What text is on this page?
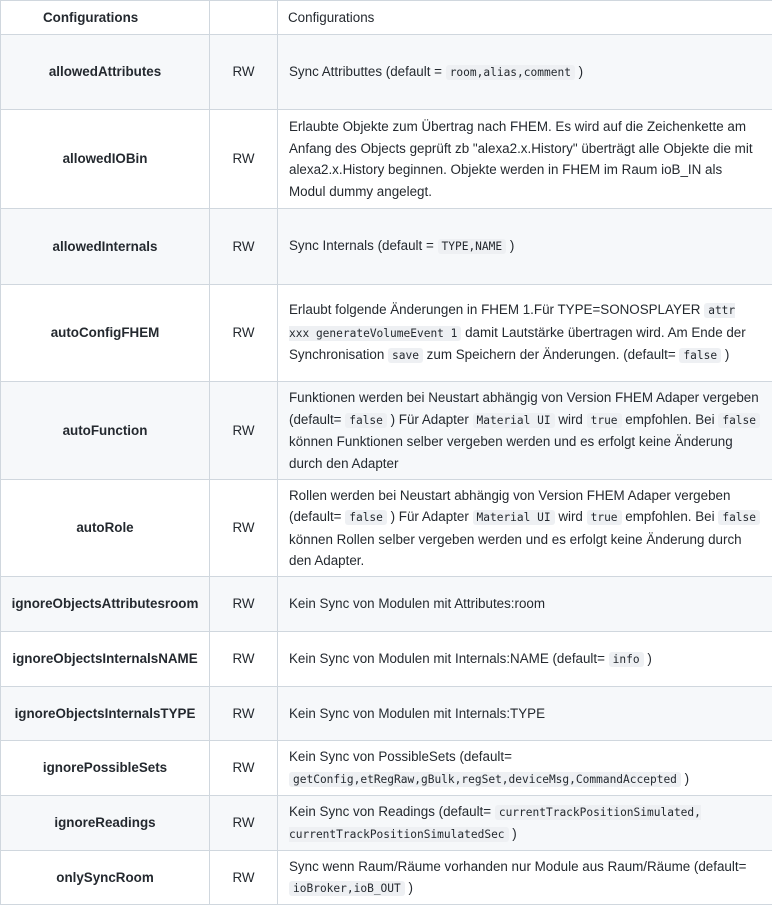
Configurations		Configurations
allowedAttributes	RW	Sync Attributtes (default = room,alias,comment )
allowedIOBin	RW	Erlaubte Objekte zum Übertrag nach FHEM. Es wird auf die Zeichenkette am Anfang des Objects geprüft zb "alexa2.x.History" überträgt alle Objekte die mit alexa2.x.History beginnen. Objekte werden in FHEM im Raum ioB_IN als Modul dummy angelegt.
allowedInternals	RW	Sync Internals (default = TYPE,NAME )
autoConfigFHEM	RW	Erlaubt folgende Änderungen in FHEM 1.Für TYPE=SONOSPLAYER attr xxx generateVolumeEvent 1 damit Lautstärke übertragen wird. Am Ende der Synchronisation save zum Speichern der Änderungen. (default= false )
autoFunction	RW	Funktionen werden bei Neustart abhängig von Version FHEM Adaper vergeben (default= false ) Für Adapter Material UI wird true empfohlen. Bei false können Funktionen selber vergeben werden und es erfolgt keine Änderung durch den Adapter
autoRole	RW	Rollen werden bei Neustart abhängig von Version FHEM Adaper vergeben (default= false ) Für Adapter Material UI wird true empfohlen. Bei false können Rollen selber vergeben werden und es erfolgt keine Änderung durch den Adapter.
ignoreObjectsAttributesroom	RW	Kein Sync von Modulen mit Attributes:room
ignoreObjectsInternalsNAME	RW	Kein Sync von Modulen mit Internals:NAME (default= info )
ignoreObjectsInternalsTYPE	RW	Kein Sync von Modulen mit Internals:TYPE
ignorePossibleSets	RW	Kein Sync von PossibleSets (default= getConfig,etRegRaw,gBulk,regSet,deviceMsg,CommandAccepted )
ignoreReadings	RW	Kein Sync von Readings (default= currentTrackPositionSimulated, currentTrackPositionSimulatedSec )
onlySyncRoom	RW	Sync wenn Raum/Räume vorhanden nur Module aus Raum/Räume (default= ioBroker,ioB_OUT )
